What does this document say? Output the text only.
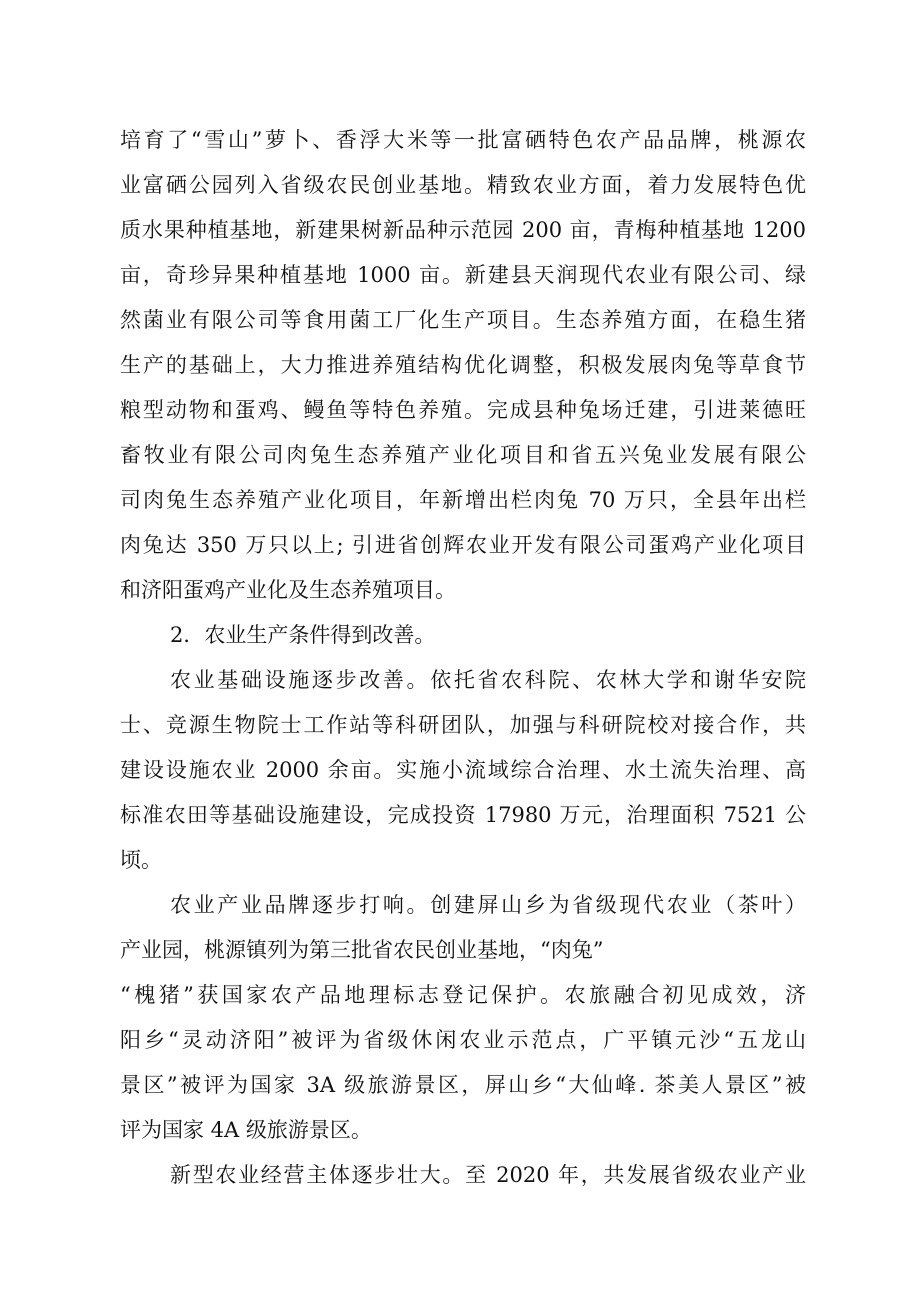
培育了“雪山”萝卜、香浮大米等一批富硒特色农产品品牌，桃源农
业富硒公园列入省级农民创业基地。精致农业方面，着力发展特色优
质水果种植基地，新建果树新品种示范园 200 亩，青梅种植基地 1200
亩，奇珍异果种植基地 1000 亩。新建县天润现代农业有限公司、绿
然菌业有限公司等食用菌工厂化生产项目。生态养殖方面，在稳生猪
生产的基础上，大力推进养殖结构优化调整，积极发展肉兔等草食节
粮型动物和蛋鸡、鳗鱼等特色养殖。完成县种兔场迁建，引进莱德旺
畜牧业有限公司肉兔生态养殖产业化项目和省五兴兔业发展有限公
司肉兔生态养殖产业化项目，年新增出栏肉兔 70 万只，全县年出栏
肉兔达 350 万只以上; 引进省创辉农业开发有限公司蛋鸡产业化项目
和济阳蛋鸡产业化及生态养殖项目。
2．农业生产条件得到改善。
农业基础设施逐步改善。依托省农科院、农林大学和谢华安院
士、竞源生物院士工作站等科研团队，加强与科研院校对接合作，共
建设设施农业 2000 余亩。实施小流域综合治理、水土流失治理、高
标准农田等基础设施建设，完成投资 17980 万元，治理面积 7521 公
顷。
农业产业品牌逐步打响。创建屏山乡为省级现代农业（茶叶）
产业园，桃源镇列为第三批省农民创业基地，“肉兔”
“槐猪”获国家农产品地理标志登记保护。农旅融合初见成效，济
阳乡“灵动济阳”被评为省级休闲农业示范点，广平镇元沙“五龙山
景区”被评为国家 3A 级旅游景区，屏山乡“大仙峰. 茶美人景区”被
评为国家 4A 级旅游景区。
新型农业经营主体逐步壮大。至 2020 年，共发展省级农业产业
